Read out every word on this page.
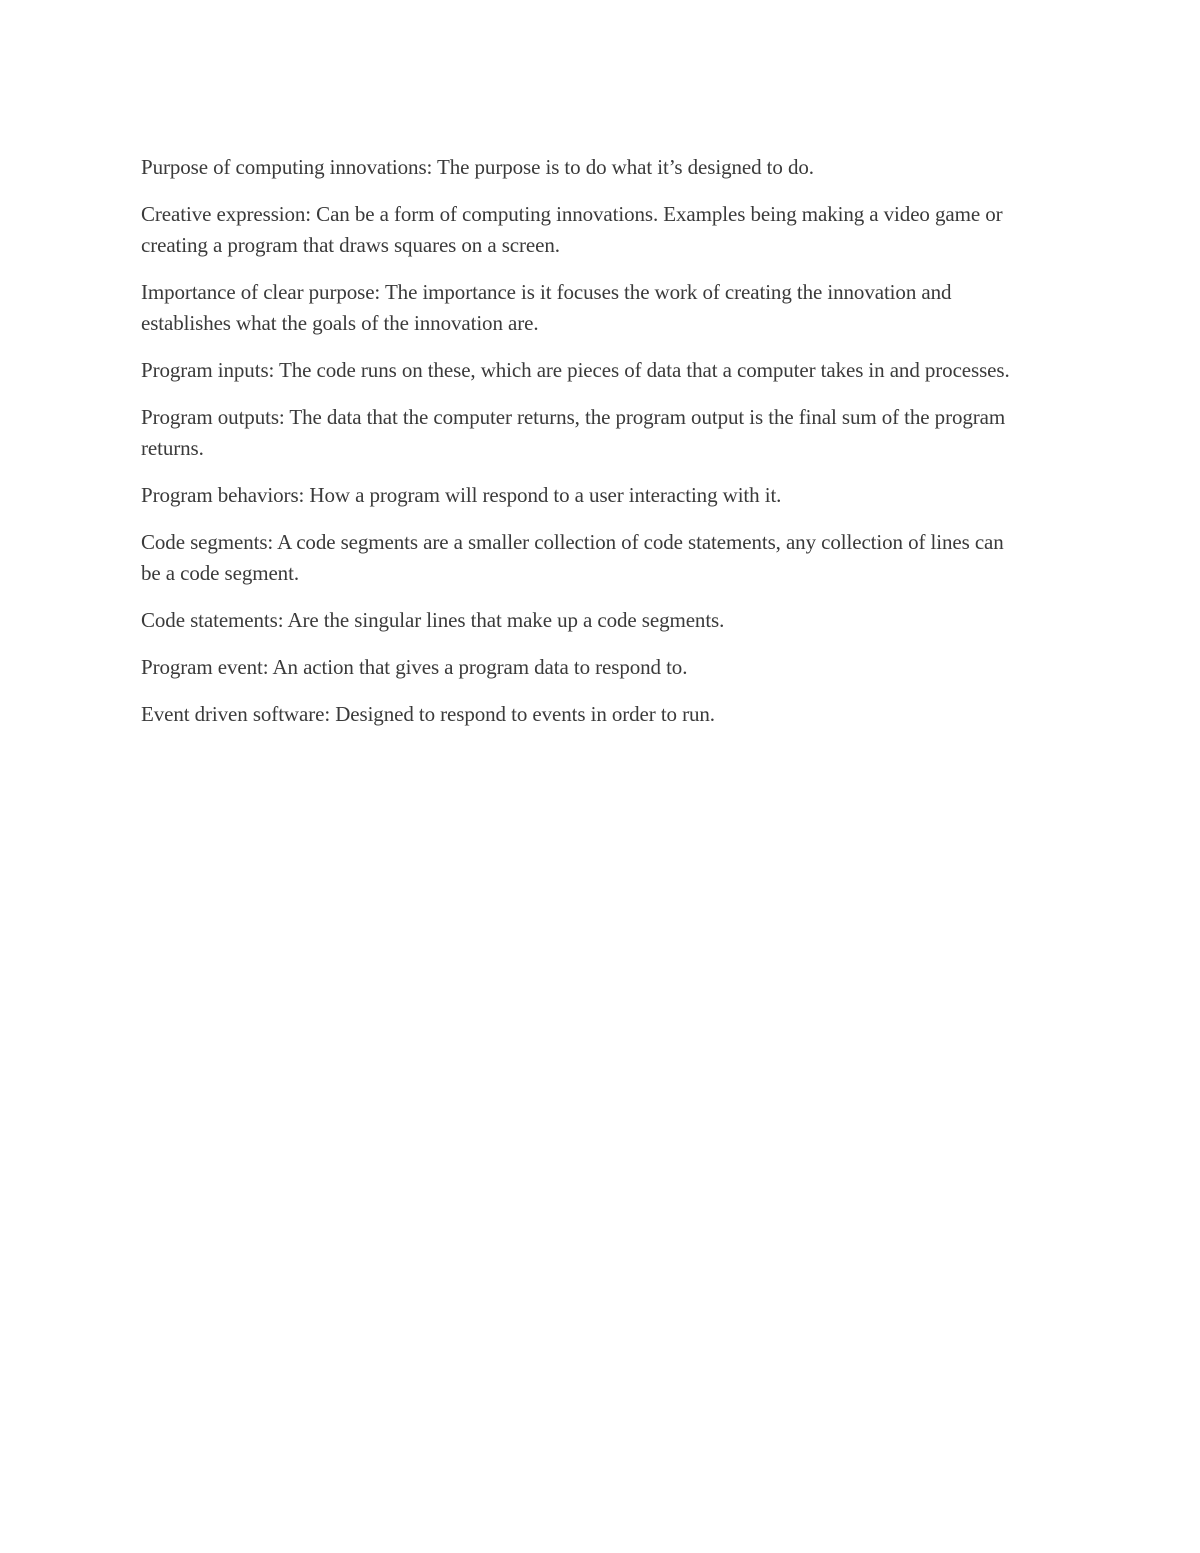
Purpose of computing innovations: The purpose is to do what it’s designed to do.

Creative expression: Can be a form of computing innovations. Examples being making a video game or creating a program that draws squares on a screen.

Importance of clear purpose: The importance is it focuses the work of creating the innovation and establishes what the goals of the innovation are.

Program inputs: The code runs on these, which are pieces of data that a computer takes in and processes.

Program outputs: The data that the computer returns, the program output is the final sum of the program returns.

Program behaviors: How a program will respond to a user interacting with it.

Code segments: A code segments are a smaller collection of code statements, any collection of lines can be a code segment.

Code statements: Are the singular lines that make up a code segments.

Program event: An action that gives a program data to respond to.

Event driven software: Designed to respond to events in order to run.
